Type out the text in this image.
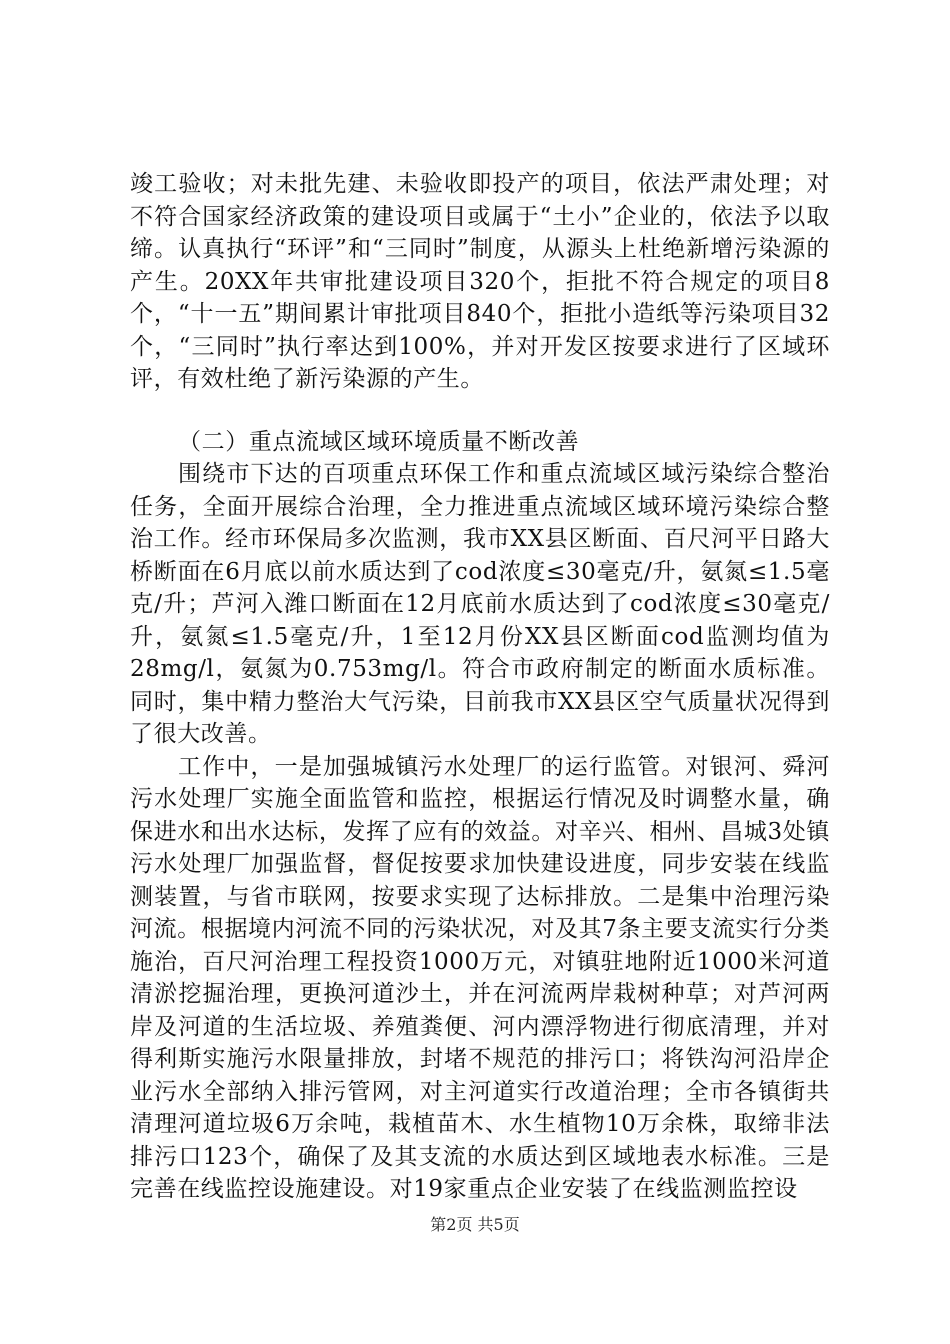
竣工验收；对未批先建、未验收即投产的项目，依法严肃处理；对不符合国家经济政策的建设项目或属于“土小”企业的，依法予以取缔。认真执行“环评”和“三同时”制度，从源头上杜绝新增污染源的产生。20XX年共审批建设项目320个，拒批不符合规定的项目8个，“十一五”期间累计审批项目840个，拒批小造纸等污染项目32个，“三同时”执行率达到100%，并对开发区按要求进行了区域环评，有效杜绝了新污染源的产生。

（二）重点流域区域环境质量不断改善

围绕市下达的百项重点环保工作和重点流域区域污染综合整治任务，全面开展综合治理，全力推进重点流域区域环境污染综合整治工作。经市环保局多次监测，我市XX县区断面、百尺河平日路大桥断面在6月底以前水质达到了cod浓度≤30毫克/升，氨氮≤1.5毫克/升；芦河入潍口断面在12月底前水质达到了cod浓度≤30毫克/升，氨氮≤1.5毫克/升，1至12月份XX县区断面cod监测均值为28mg/l，氨氮为0.753mg/l。符合市政府制定的断面水质标准。同时，集中精力整治大气污染，目前我市XX县区空气质量状况得到了很大改善。

工作中，一是加强城镇污水处理厂的运行监管。对银河、舜河污水处理厂实施全面监管和监控，根据运行情况及时调整水量，确保进水和出水达标，发挥了应有的效益。对辛兴、相州、昌城3处镇污水处理厂加强监督，督促按要求加快建设进度，同步安装在线监测装置，与省市联网，按要求实现了达标排放。二是集中治理污染河流。根据境内河流不同的污染状况，对及其7条主要支流实行分类施治，百尺河治理工程投资1000万元，对镇驻地附近1000米河道清淤挖掘治理，更换河道沙土，并在河流两岸栽树种草；对芦河两岸及河道的生活垃圾、养殖粪便、河内漂浮物进行彻底清理，并对得利斯实施污水限量排放，封堵不规范的排污口；将铁沟河沿岸企业污水全部纳入排污管网，对主河道实行改道治理；全市各镇街共清理河道垃圾6万余吨，栽植苗木、水生植物10万余株，取缔非法排污口123个，确保了及其支流的水质达到区域地表水标准。三是完善在线监控设施建设。对19家重点企业安装了在线监测监控设

第2页 共5页
